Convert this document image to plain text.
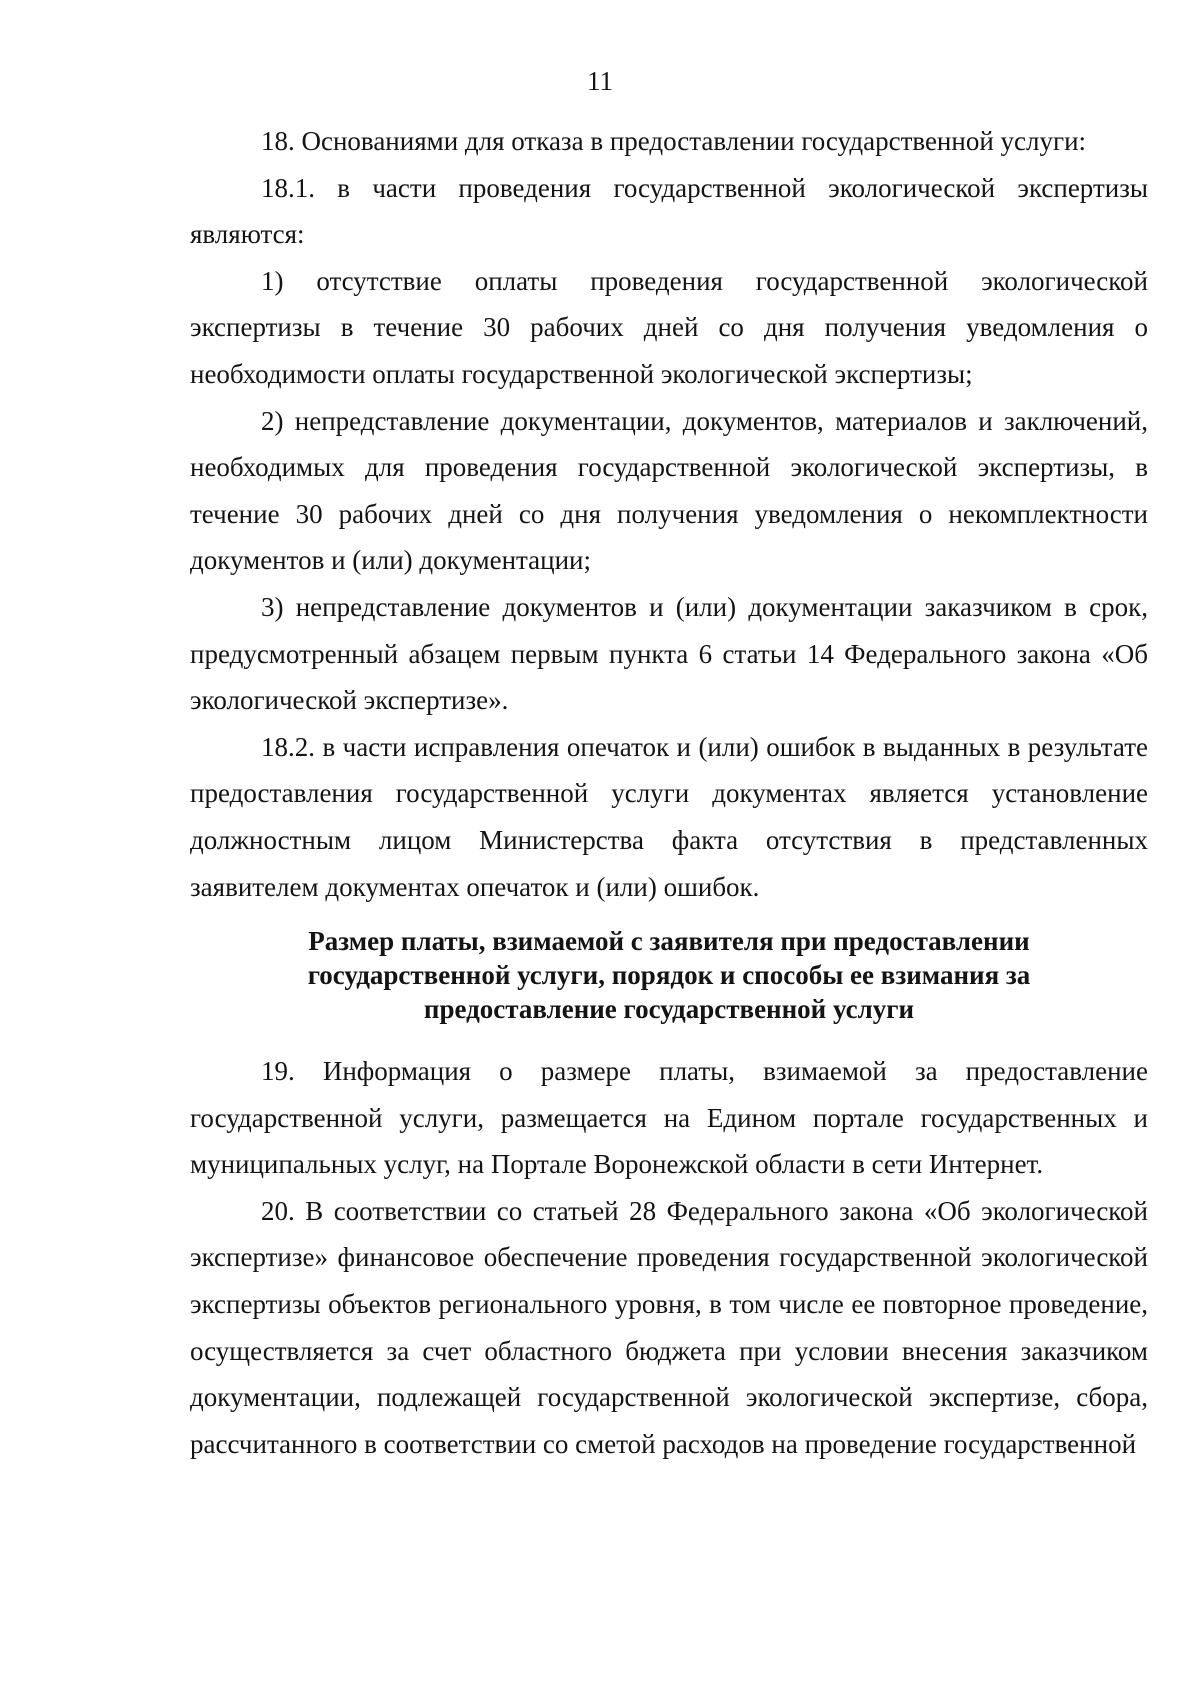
11

18. Основаниями для отказа в предоставлении государственной услуги:

18.1. в части проведения государственной экологической экспертизы являются:

1) отсутствие оплаты проведения государственной экологической экспертизы в течение 30 рабочих дней со дня получения уведомления о необходимости оплаты государственной экологической экспертизы;

2) непредставление документации, документов, материалов и заключений, необходимых для проведения государственной экологической экспертизы, в течение 30 рабочих дней со дня получения уведомления о некомплектности документов и (или) документации;

3) непредставление документов и (или) документации заказчиком в срок, предусмотренный абзацем первым пункта 6 статьи 14 Федерального закона «Об экологической экспертизе».

18.2. в части исправления опечаток и (или) ошибок в выданных в результате предоставления государственной услуги документах является установление должностным лицом Министерства факта отсутствия в представленных заявителем документах опечаток и (или) ошибок.

Размер платы, взимаемой с заявителя при предоставлении государственной услуги, порядок и способы ее взимания за предоставление государственной услуги

19. Информация о размере платы, взимаемой за предоставление государственной услуги, размещается на Едином портале государственных и муниципальных услуг, на Портале Воронежской области в сети Интернет.

20. В соответствии со статьей 28 Федерального закона «Об экологической экспертизе» финансовое обеспечение проведения государственной экологической экспертизы объектов регионального уровня, в том числе ее повторное проведение, осуществляется за счет областного бюджета при условии внесения заказчиком документации, подлежащей государственной экологической экспертизе, сбора, рассчитанного в соответствии со сметой расходов на проведение государственной
